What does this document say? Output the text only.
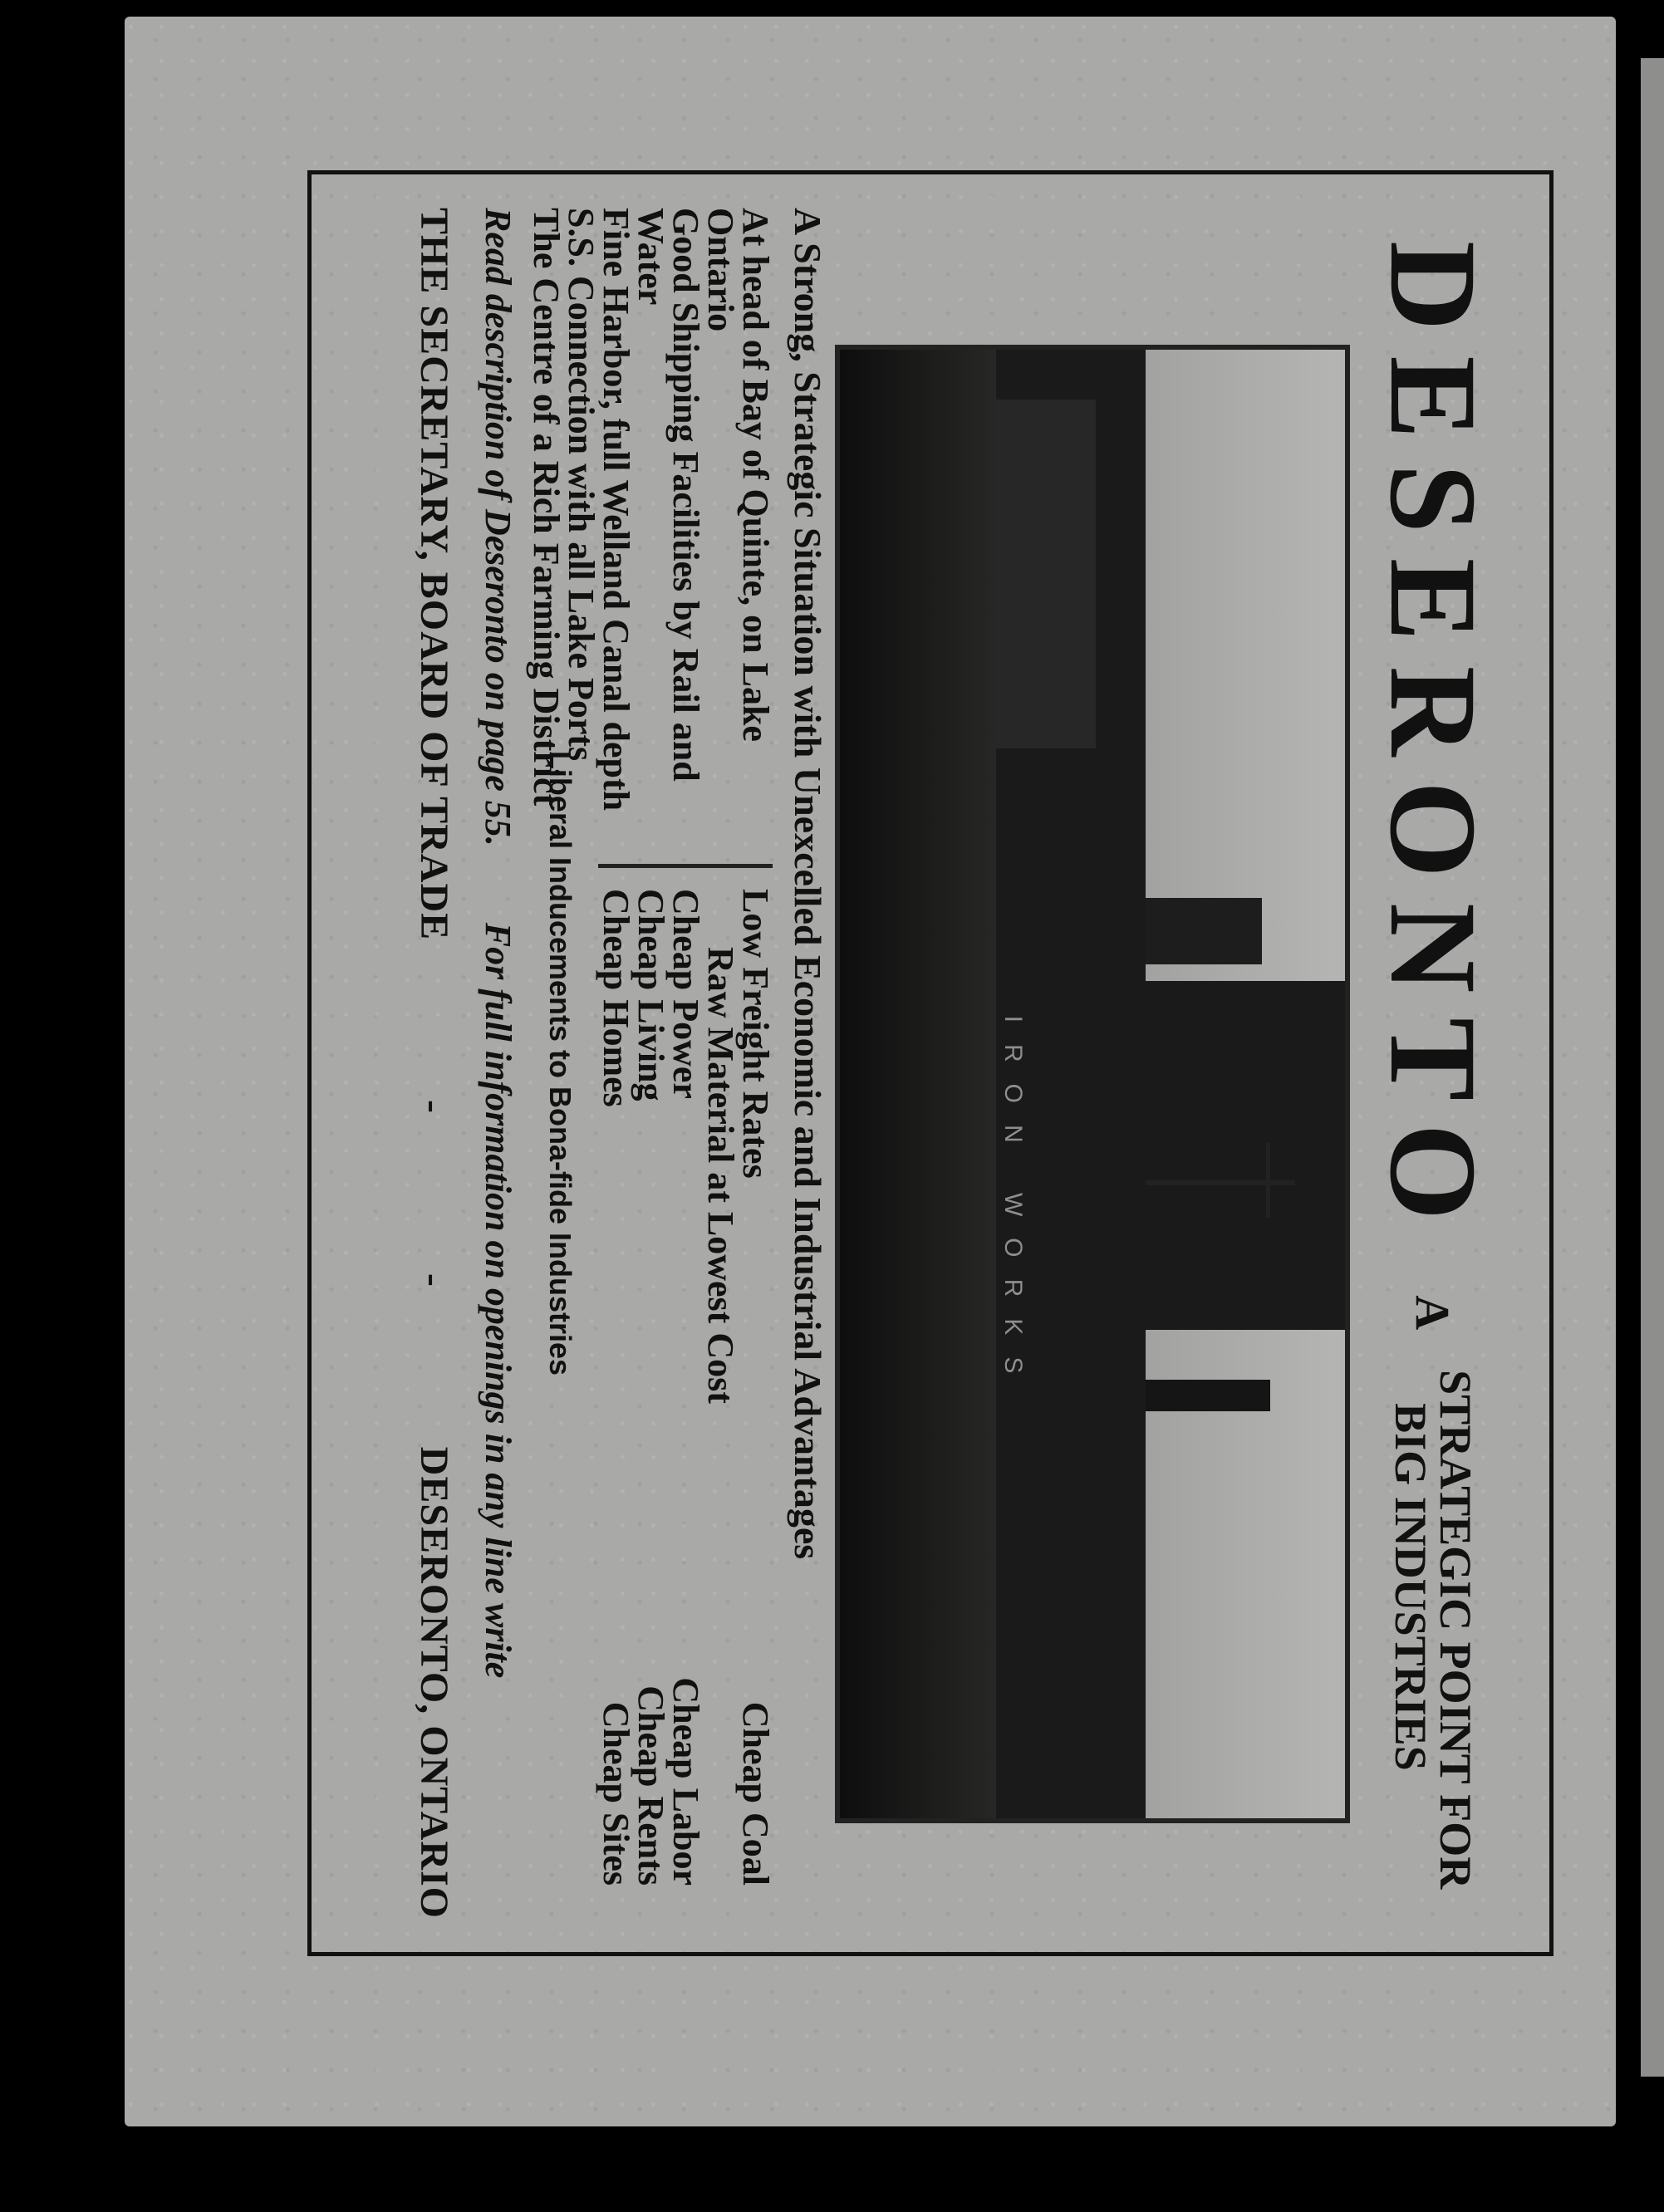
DESERONTO
A
STRATEGIC POINT FOR
BIG INDUSTRIES
IRON WORKS
A Strong, Strategic Situation with Unexcelled Economic and Industrial Advantages
At head of Bay of Quinte, on Lake Ontario
Good Shipping Facilities by Rail and Water
Fine Harbor, full Welland Canal depth
S.S. Connection with all Lake Ports
The Centre of a Rich Farming District
Low Freight Rates
Raw Material at Lowest Cost
Cheap Power
Cheap Living
Cheap Homes
Cheap Coal

Cheap Labor
Cheap Rents
Cheap Sites
Liberal Inducements to Bona-fide Industries
Read description of Deseronto on page 55.  For full information on openings in any line write
THE SECRETARY, BOARD OF TRADE
-
-
DESERONTO, ONTARIO
